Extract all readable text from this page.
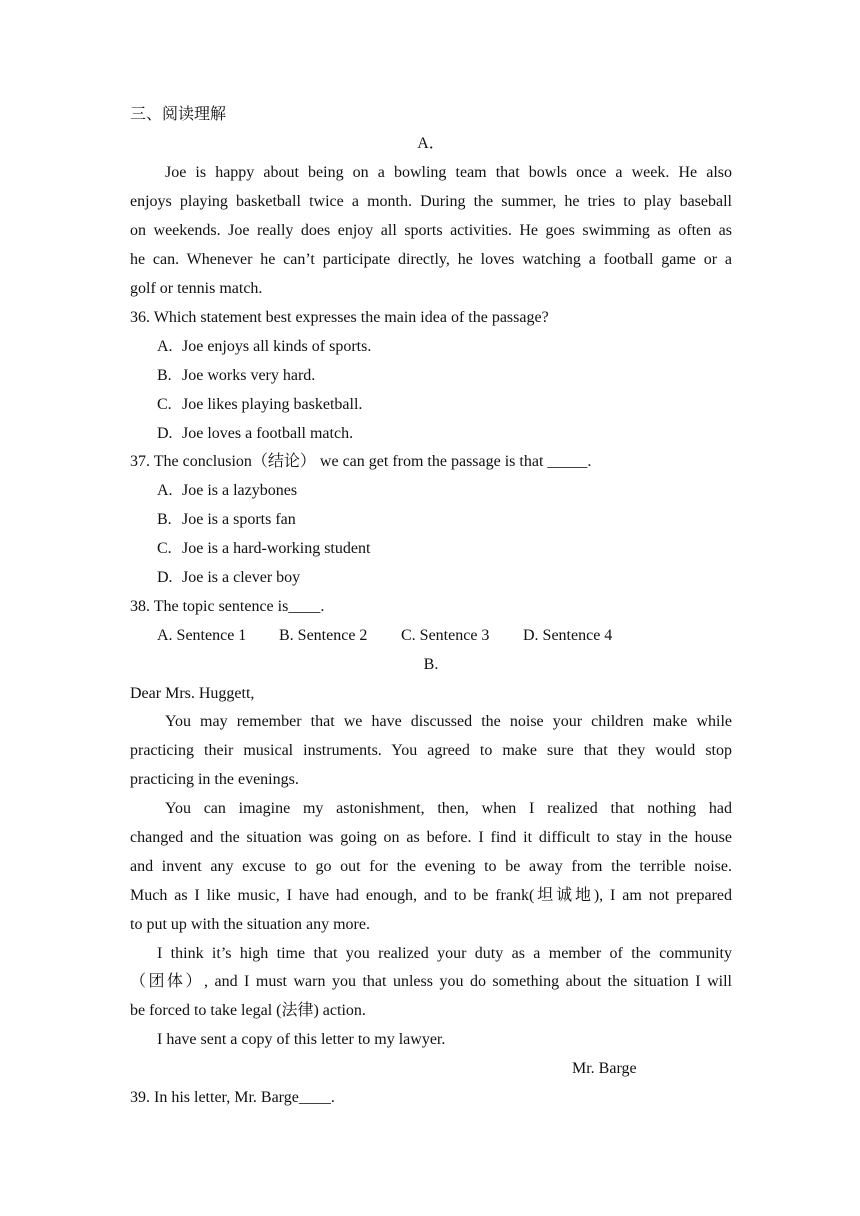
三、阅读理解
A．
Joe is happy about being on a bowling team that bowls once a week. He also
enjoys playing basketball twice a month. During the summer, he tries to play baseball
on weekends. Joe really does enjoy all sports activities. He goes swimming as often as
he can. Whenever he can’t participate directly, he loves watching a football game or a
golf or tennis match.
36. Which statement best expresses the main idea of the passage?
A. Joe enjoys all kinds of sports.
B. Joe works very hard.
C. Joe likes playing basketball.
D. Joe loves a football match.
37. The conclusion（结论） we can get from the passage is that _____.
A. Joe is a lazybones
B. Joe is a sports fan
C. Joe is a hard-working student
D. Joe is a clever boy
38. The topic sentence is____.
A. Sentence 1 B. Sentence 2 C. Sentence 3 D. Sentence 4
B.
Dear Mrs. Huggett,
You may remember that we have discussed the noise your children make while
practicing their musical instruments. You agreed to make sure that they would stop
practicing in the evenings.
You can imagine my astonishment, then, when I realized that nothing had
changed and the situation was going on as before. I find it difficult to stay in the house
and invent any excuse to go out for the evening to be away from the terrible noise.
Much as I like music, I have had enough, and to be frank(坦诚地), I am not prepared
to put up with the situation any more.
I think it’s high time that you realized your duty as a member of the community
（团体）, and I must warn you that unless you do something about the situation I will
be forced to take legal (法律) action.
I have sent a copy of this letter to my lawyer.
Mr. Barge
39. In his letter, Mr. Barge____.
